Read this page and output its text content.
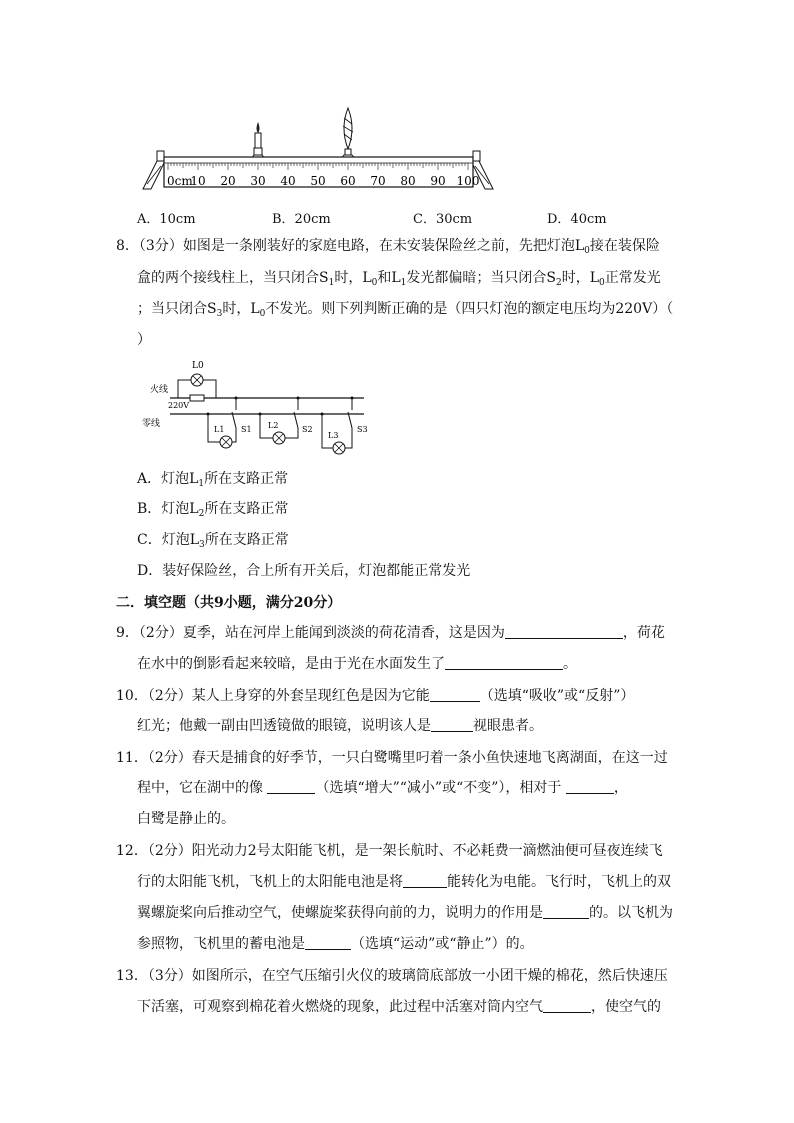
0cm
10 20 30 40 50 60 70 80 90 100
A．10cm	B．20cm	C．30cm	D．40cm
8．（3分）如图是一条刚装好的家庭电路，在未安装保险丝之前，先把灯泡$L_0$接在装保险
盒的两个接线柱上，当只闭合$S_1$时，$L_0$和$L_1$发光都偏暗；当只闭合$S_2$时，$L_0$正常发光
；当只闭合$S_3$时，$L_0$不发光。则下列判断正确的是（四只灯泡的额定电压均为220V）（
）
L0
火线
220V
零线
L1 S1 L2	S2
L3
S3
A．灯泡$L_1$所在支路正常
B．灯泡$L_2$所在支路正常
C．灯泡$L_3$所在支路正常
D．装好保险丝，合上所有开关后，灯泡都能正常发光
二．填空题（共9小题，满分20分）
9．（2分）夏季，站在河岸上能闻到淡淡的荷花清香，这是因为	，荷花
在水中的倒影看起来较暗，是由于光在水面发生了	。
10．（2分）某人上身穿的外套呈现红色是因为它能	（选填“吸收”或“反射”）
红光；他戴一副由凹透镜做的眼镜，说明该人是	视眼患者。
11．（2分）春天是捕食的好季节，一只白鹭嘴里叼着一条小鱼快速地飞离湖面，在这一过
程中，它在湖中的像	（选填“增大”“减小”或“不变”），相对于	，
白鹭是静止的。
12．（2分）阳光动力2号太阳能飞机，是一架长航时、不必耗费一滴燃油便可昼夜连续飞
行的太阳能飞机，飞机上的太阳能电池是将	能转化为电能。飞行时，飞机上的双
翼螺旋桨向后推动空气，使螺旋桨获得向前的力，说明力的作用是	的。以飞机为
参照物，飞机里的蓄电池是	（选填“运动”或“静止”）的。
13．（3分）如图所示，在空气压缩引火仪的玻璃筒底部放一小团干燥的棉花，然后快速压
下活塞，可观察到棉花着火燃烧的现象，此过程中活塞对筒内空气	，使空气的
